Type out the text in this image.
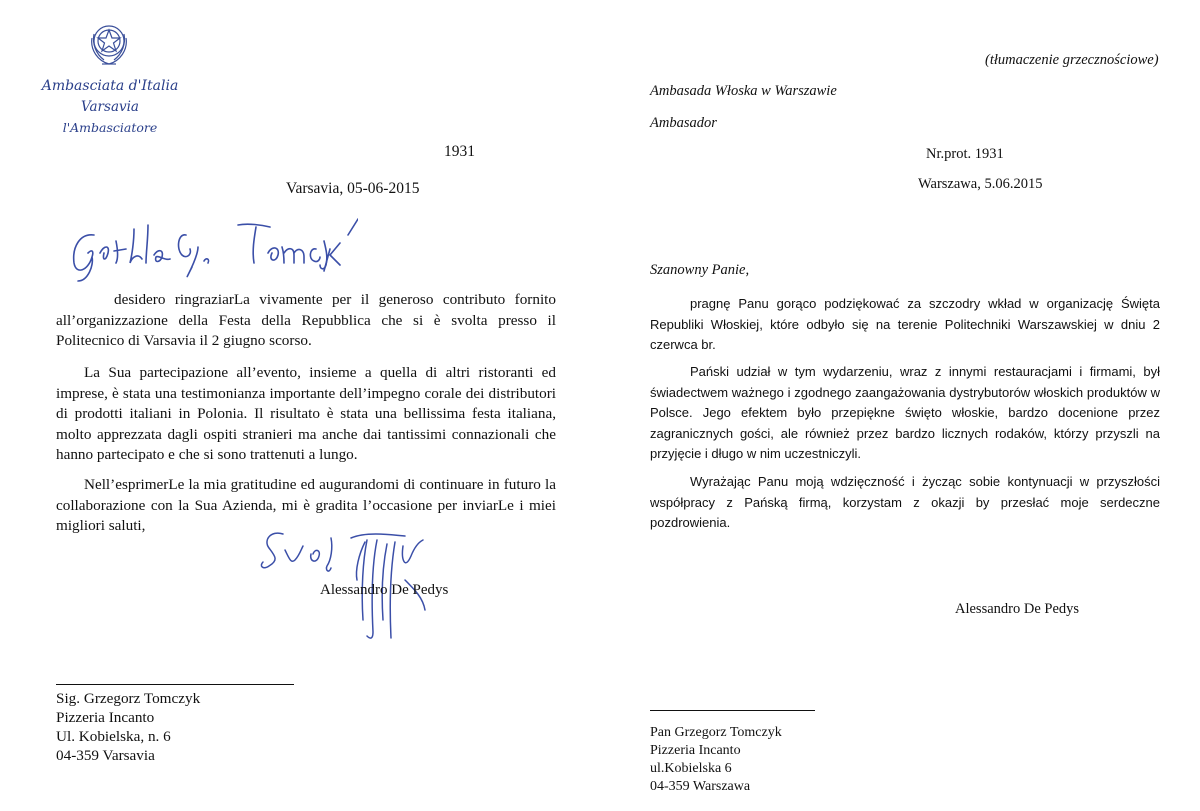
Ambasciata d'Italia
Varsavia
l'Ambasciatore
1931
Varsavia, 05-06-2015
desidero ringraziarLa vivamente per il generoso contributo fornito all’organizzazione della Festa della Repubblica che si è svolta presso il Politecnico di Varsavia il 2 giugno scorso.
La Sua partecipazione all’evento, insieme a quella di altri ristoranti ed imprese, è stata una testimonianza importante dell’impegno corale dei distributori di prodotti italiani in Polonia. Il risultato è stata una bellissima festa italiana, molto apprezzata dagli ospiti stranieri ma anche dai tantissimi connazionali che hanno partecipato e che si sono trattenuti a lungo.
Nell’esprimerLe la mia gratitudine ed augurandomi di continuare in futuro la collaborazione con la Sua Azienda, mi è gradita l’occasione per inviarLe i miei migliori saluti,
Alessandro De Pedys
Sig. Grzegorz Tomczyk
Pizzeria Incanto
Ul. Kobielska, n. 6
04-359 Varsavia
(tłumaczenie grzecznościowe)
Ambasada Włoska w Warszawie
Ambasador
Nr.prot. 1931
Warszawa, 5.06.2015
Szanowny Panie,
pragnę Panu gorąco podziękować za szczodry wkład w organizację Święta Republiki Włoskiej, które odbyło się na terenie Politechniki Warszawskiej w dniu 2 czerwca br.
Pański udział w tym wydarzeniu, wraz z innymi restauracjami i firmami, był świadectwem ważnego i zgodnego zaangażowania dystrybutorów włoskich produktów w Polsce. Jego efektem było przepiękne święto włoskie, bardzo docenione przez zagranicznych gości, ale również przez bardzo licznych rodaków, którzy przyszli na przyjęcie i długo w nim uczestniczyli.
Wyrażając Panu moją wdzięczność i życząc sobie kontynuacji w przyszłości współpracy z Pańską firmą, korzystam z okazji by przesłać moje serdeczne pozdrowienia.
Alessandro De Pedys
Pan Grzegorz Tomczyk
Pizzeria Incanto
ul.Kobielska 6
04-359 Warszawa
